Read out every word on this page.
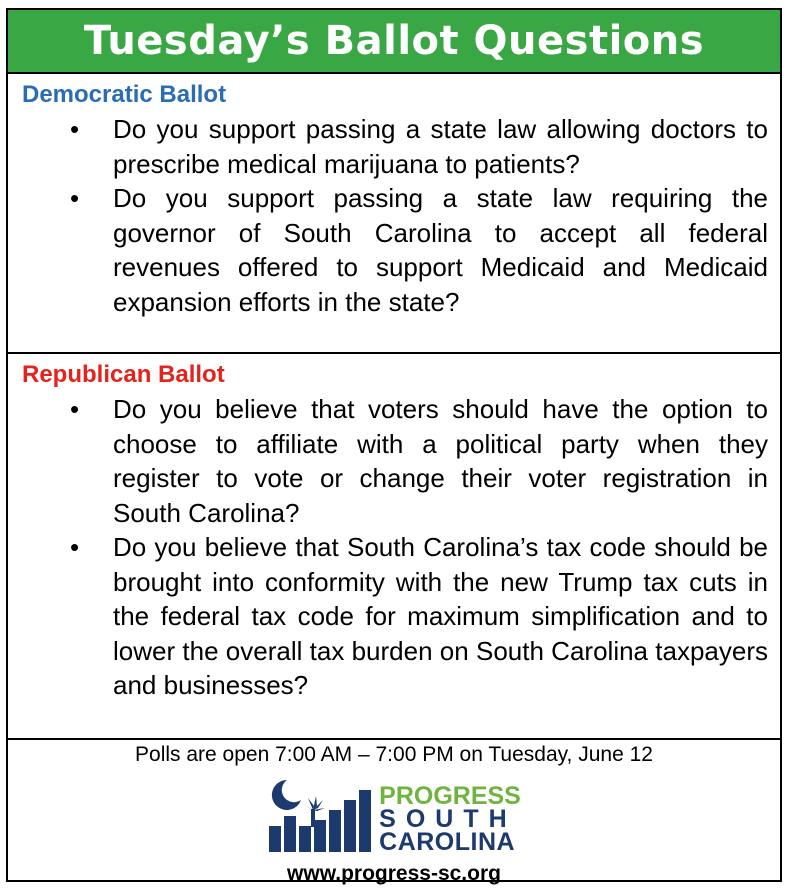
Tuesday’s Ballot Questions

Democratic Ballot

• Do you support passing a state law allowing doctors to prescribe medical marijuana to patients?
• Do you support passing a state law requiring the governor of South Carolina to accept all federal revenues offered to support Medicaid and Medicaid expansion efforts in the state?

Republican Ballot

• Do you believe that voters should have the option to choose to affiliate with a political party when they register to vote or change their voter registration in South Carolina?
• Do you believe that South Carolina’s tax code should be brought into conformity with the new Trump tax cuts in the federal tax code for maximum simplification and to lower the overall tax burden on South Carolina taxpayers and businesses?

Polls are open 7:00 AM – 7:00 PM on Tuesday, June 12

PROGRESS
SOUTH
CAROLINA

www.progress-sc.org
